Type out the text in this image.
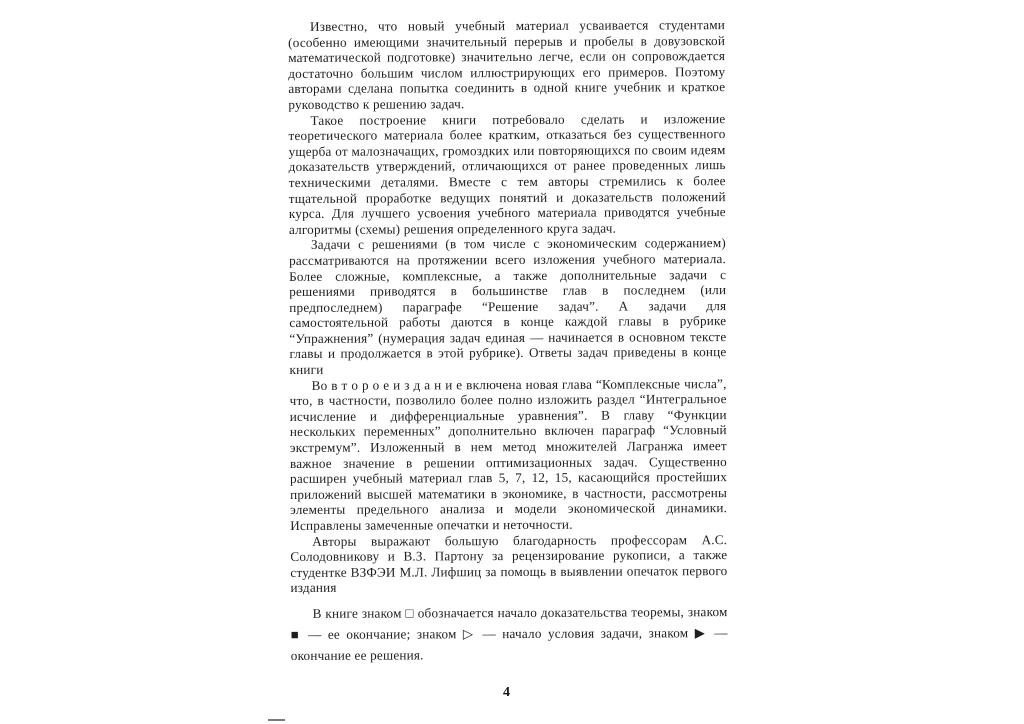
Известно, что новый учебный материал усваивается студентами (особенно имеющими значительный перерыв и пробелы в довузовской математической подготовке) значительно легче, если он сопровождается достаточно большим числом иллюстрирующих его примеров. Поэтому авторами сделана попытка соединить в одной книге учебник и краткое руководство к решению задач.

Такое построение книги потребовало сделать и изложение теоретического материала более кратким, отказаться без существенного ущерба от малозначащих, громоздких или повторяющихся по своим идеям доказательств утверждений, отличающихся от ранее проведенных лишь техническими деталями. Вместе с тем авторы стремились к более тщательной проработке ведущих понятий и доказательств положений курса. Для лучшего усвоения учебного материала приводятся учебные алгоритмы (схемы) решения определенного круга задач.

Задачи с решениями (в том числе с экономическим содержанием) рассматриваются на протяжении всего изложения учебного материала. Более сложные, комплексные, а также дополнительные задачи с решениями приводятся в большинстве глав в последнем (или предпоследнем) параграфе “Решение задач”. А задачи для самостоятельной работы даются в конце каждой главы в рубрике “Упражнения” (нумерация задач единая — начинается в основном тексте главы и продолжается в этой рубрике). Ответы задач приведены в конце книги

Во в т о р о е и з д а н и е включена новая глава “Комплексные числа”, что, в частности, позволило более полно изложить раздел “Интегральное исчисление и дифференциальные уравнения”. В главу “Функции нескольких переменных” дополнительно включен параграф “Условный экстремум”. Изложенный в нем метод множителей Лагранжа имеет важное значение в решении оптимизационных задач. Существенно расширен учебный материал глав 5, 7, 12, 15, касающийся простейших приложений высшей математики в экономике, в частности, рассмотрены элементы предельного анализа и модели экономической динамики. Исправлены замеченные опечатки и неточности.

Авторы выражают большую благодарность профессорам А.С. Солодовникову и В.З. Партону за рецензирование рукописи, а также студентке ВЗФЭИ М.Л. Лифшиц за помощь в выявлении опечаток первого издания

В книге знаком □ обозначается начало доказательства теоремы, знаком ■ — ее окончание; знаком ▷ — начало условия задачи, знаком ▶ — окончание ее решения.

4
